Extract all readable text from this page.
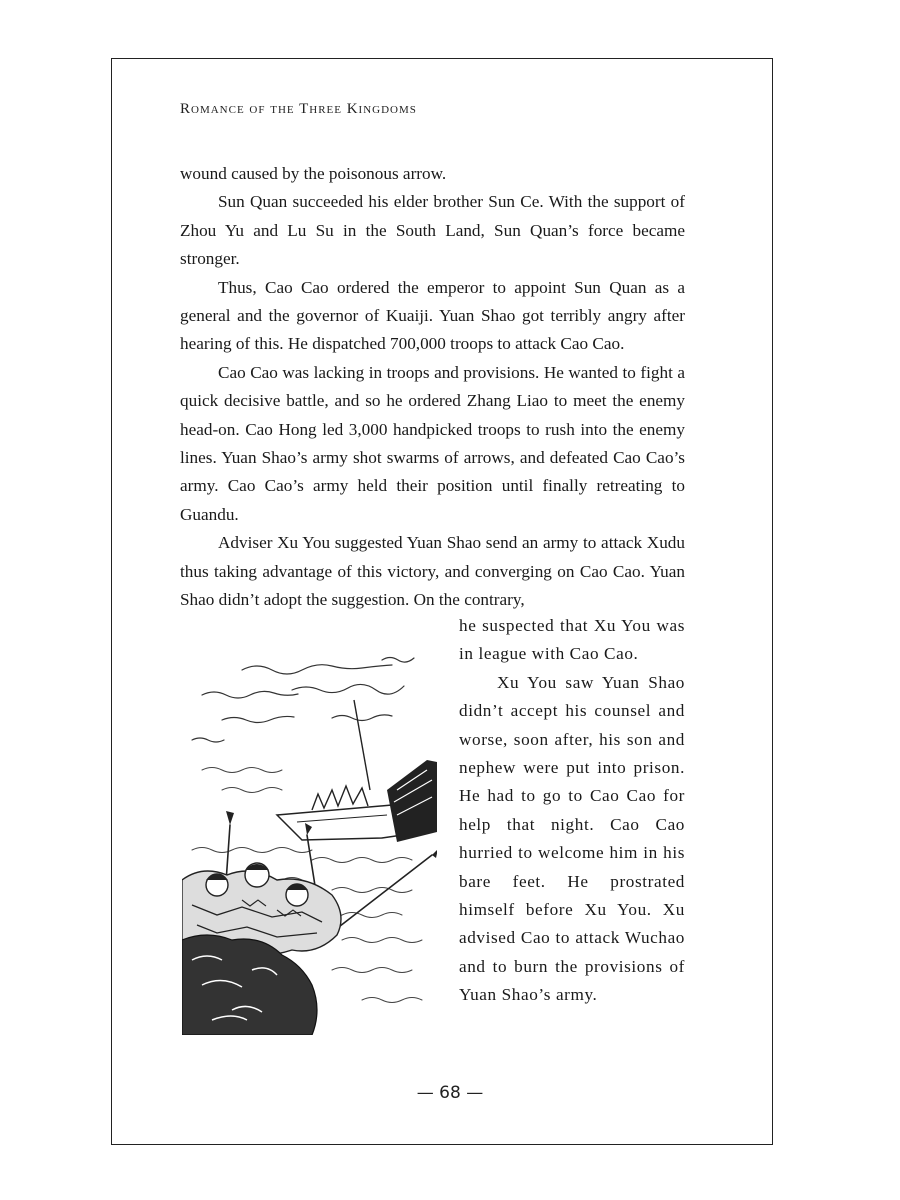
Romance of the Three Kingdoms

wound caused by the poisonous arrow.

Sun Quan succeeded his elder brother Sun Ce. With the support of Zhou Yu and Lu Su in the South Land, Sun Quan’s force became stronger.

Thus, Cao Cao ordered the emperor to appoint Sun Quan as a general and the governor of Kuaiji. Yuan Shao got terribly angry after hearing of this. He dispatched 700,000 troops to attack Cao Cao.

Cao Cao was lacking in troops and provisions. He wanted to fight a quick decisive battle, and so he ordered Zhang Liao to meet the enemy head-on. Cao Hong led 3,000 handpicked troops to rush into the enemy lines. Yuan Shao’s army shot swarms of arrows, and defeated Cao Cao’s army. Cao Cao’s army held their position until finally retreating to Guandu.

Adviser Xu You suggested Yuan Shao send an army to attack Xudu thus taking advantage of this victory, and converging on Cao Cao. Yuan Shao didn’t adopt the suggestion. On the contrary,

he suspected that Xu You was in league with Cao Cao.

Xu You saw Yuan Shao didn’t accept his counsel and worse, soon after, his son and nephew were put into prison. He had to go to Cao Cao for help that night. Cao Cao hurried to welcome him in his bare feet. He prostrated himself before Xu You. Xu advised Cao to attack Wuchao and to burn the provisions of Yuan Shao’s army.

— 68 —
